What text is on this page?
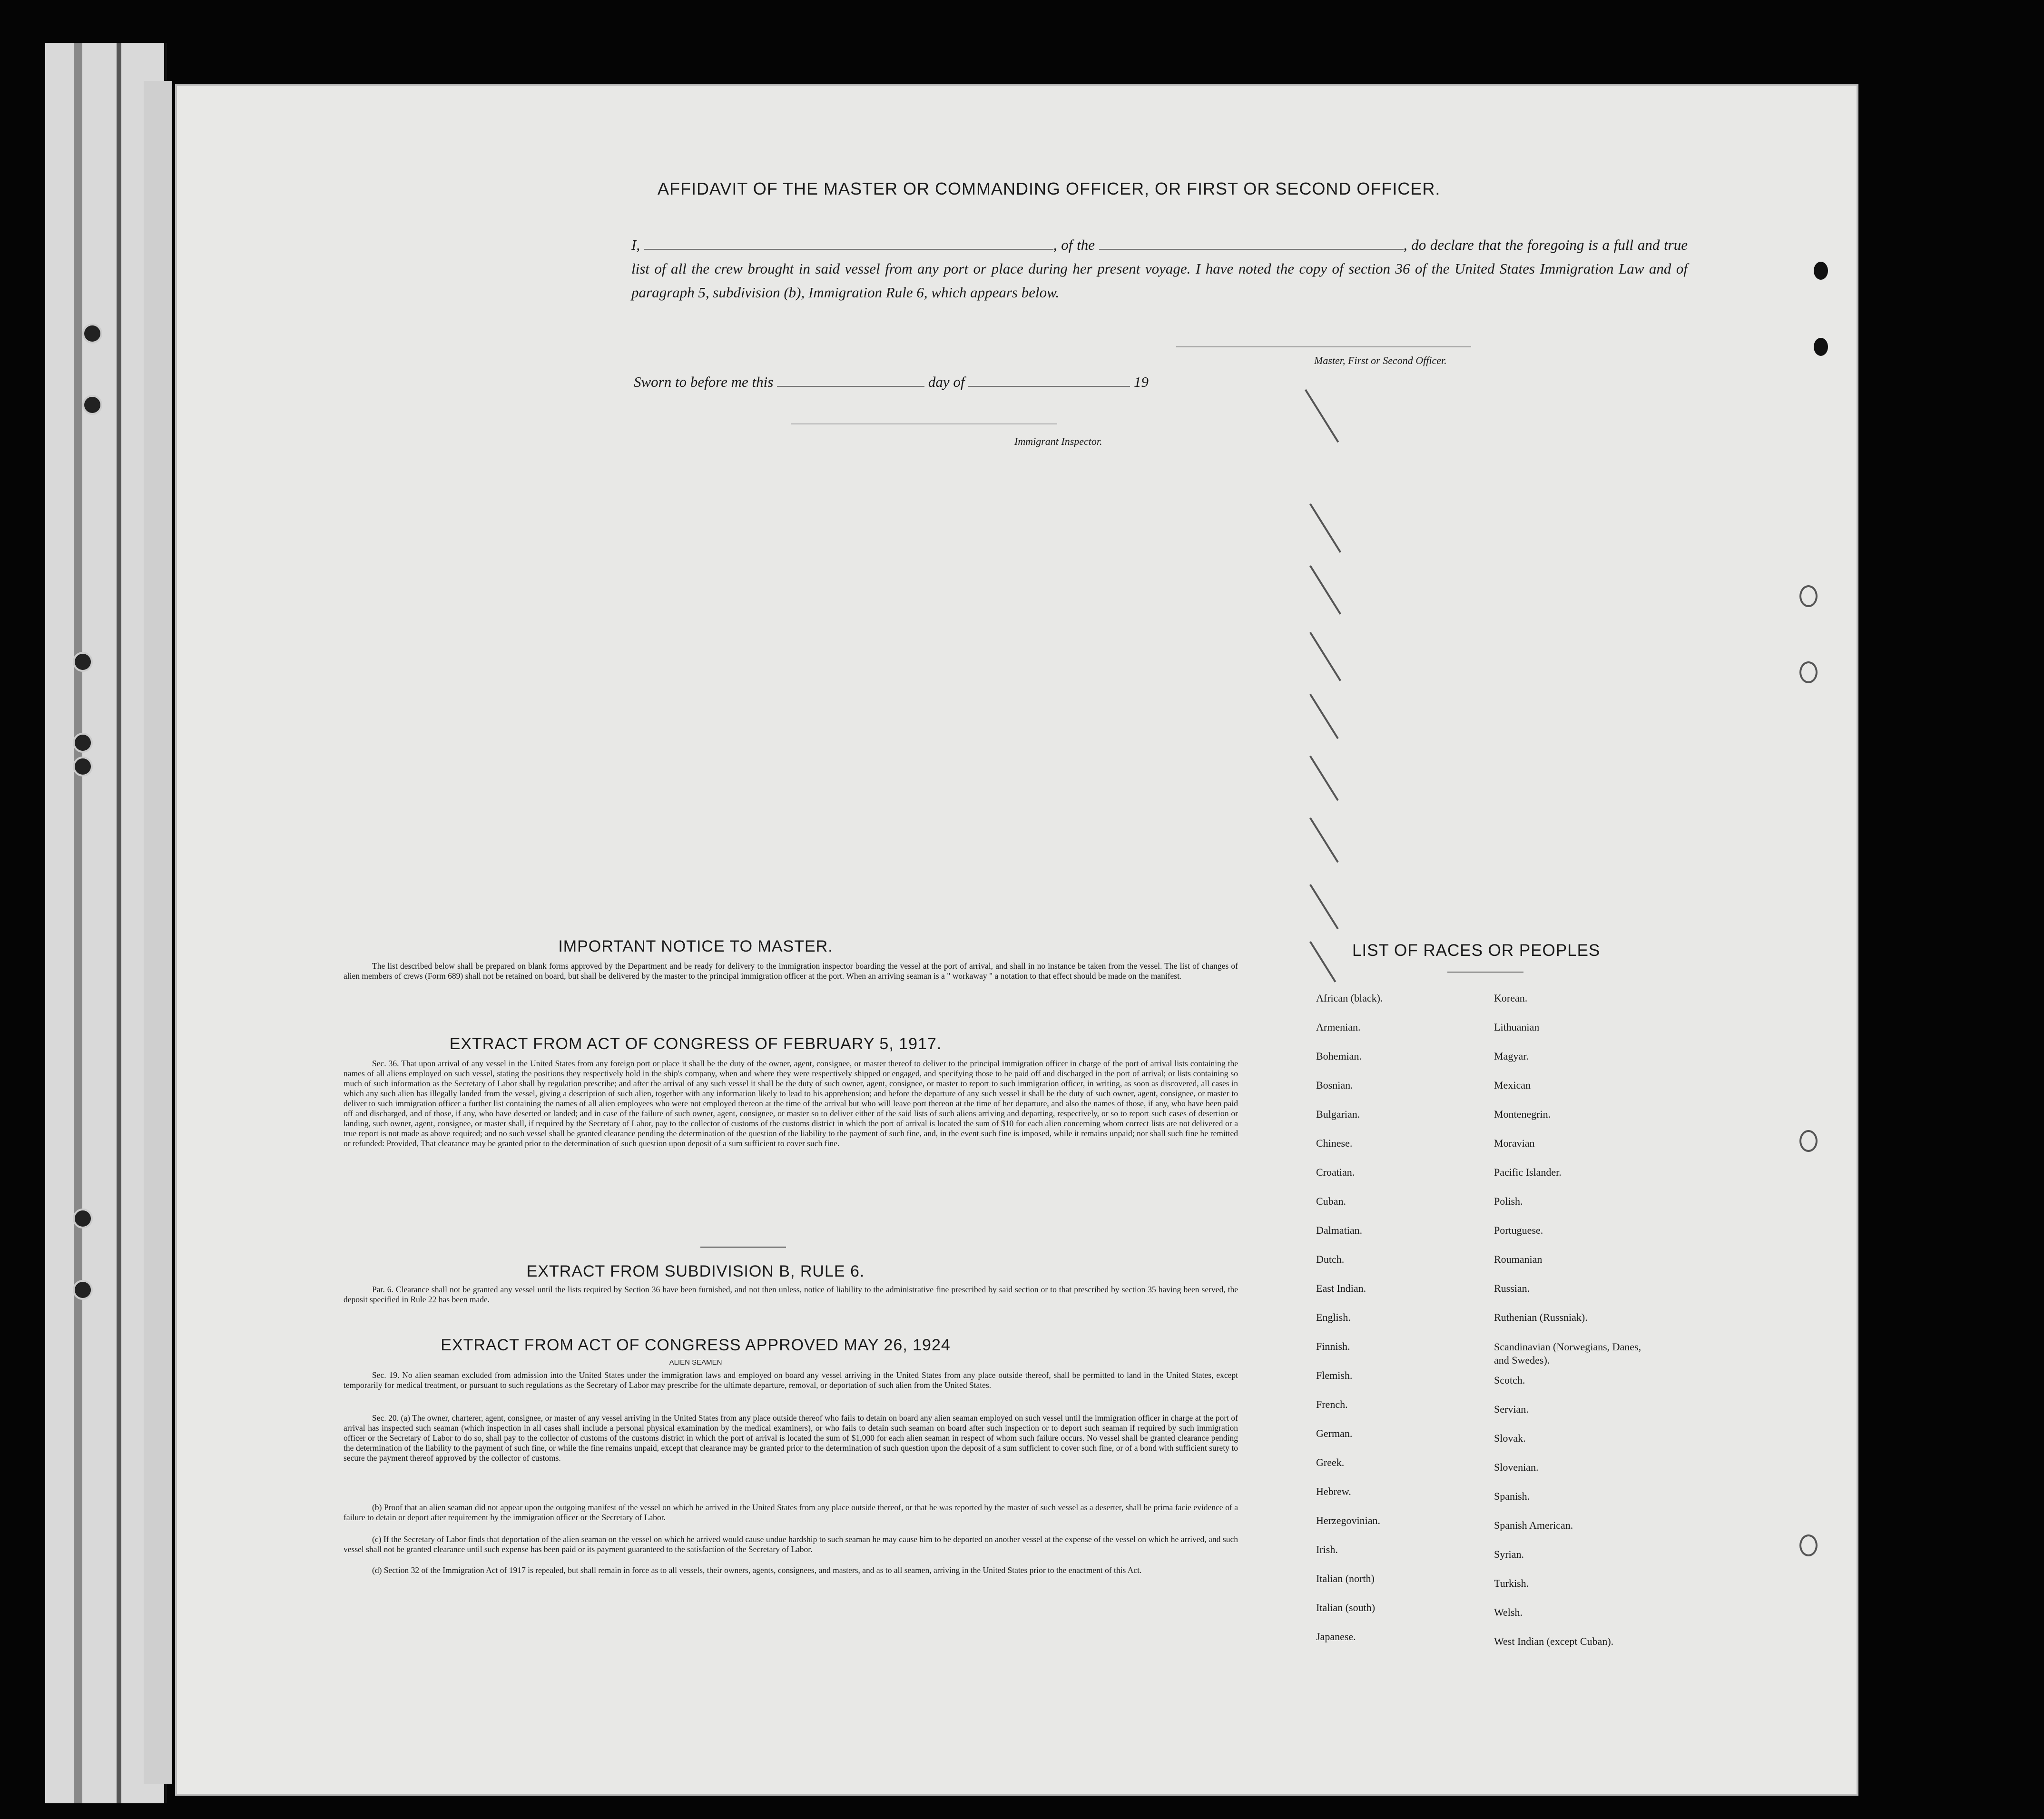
AFFIDAVIT OF THE MASTER OR COMMANDING OFFICER, OR FIRST OR SECOND OFFICER.
I,	, of the	, do declare that the foregoing is a full and true list of all the crew brought in said vessel from any port or place during her present voyage. I have noted the copy of section 36 of the United States Immigration Law and of paragraph 5, subdivision (b), Immigration Rule 6, which appears below.
Master, First or Second Officer.
Sworn to before me this	day of	19
Immigrant Inspector.
IMPORTANT NOTICE TO MASTER.
The list described below shall be prepared on blank forms approved by the Department and be ready for delivery to the immigration inspector boarding the vessel at the port of arrival, and shall in no instance be taken from the vessel. The list of changes of alien members of crews (Form 689) shall not be retained on board, but shall be delivered by the master to the principal immigration officer at the port. When an arriving seaman is a " workaway " a notation to that effect should be made on the manifest.
EXTRACT FROM ACT OF CONGRESS OF FEBRUARY 5, 1917.
Sec. 36. That upon arrival of any vessel in the United States from any foreign port or place it shall be the duty of the owner, agent, consignee, or master thereof to deliver to the principal immigration officer in charge of the port of arrival lists containing the names of all aliens employed on such vessel, stating the positions they respectively hold in the ship's company, when and where they were respectively shipped or engaged, and specifying those to be paid off and discharged in the port of arrival; or lists containing so much of such information as the Secretary of Labor shall by regulation prescribe; and after the arrival of any such vessel it shall be the duty of such owner, agent, consignee, or master to report to such immigration officer, in writing, as soon as discovered, all cases in which any such alien has illegally landed from the vessel, giving a description of such alien, together with any information likely to lead to his apprehension; and before the departure of any such vessel it shall be the duty of such owner, agent, consignee, or master to deliver to such immigration officer a further list containing the names of all alien employees who were not employed thereon at the time of the arrival but who will leave port thereon at the time of her departure, and also the names of those, if any, who have been paid off and discharged, and of those, if any, who have deserted or landed; and in case of the failure of such owner, agent, consignee, or master so to deliver either of the said lists of such aliens arriving and departing, respectively, or so to report such cases of desertion or landing, such owner, agent, consignee, or master shall, if required by the Secretary of Labor, pay to the collector of customs of the customs district in which the port of arrival is located the sum of $10 for each alien concerning whom correct lists are not delivered or a true report is not made as above required; and no such vessel shall be granted clearance pending the determination of the question of the liability to the payment of such fine, and, in the event such fine is imposed, while it remains unpaid; nor shall such fine be remitted or refunded: Provided, That clearance may be granted prior to the determination of such question upon deposit of a sum sufficient to cover such fine.
EXTRACT FROM SUBDIVISION B, RULE 6.
Par. 6. Clearance shall not be granted any vessel until the lists required by Section 36 have been furnished, and not then unless, notice of liability to the administrative fine prescribed by said section or to that prescribed by section 35 having been served, the deposit specified in Rule 22 has been made.
EXTRACT FROM ACT OF CONGRESS APPROVED MAY 26, 1924
ALIEN SEAMEN
Sec. 19. No alien seaman excluded from admission into the United States under the immigration laws and employed on board any vessel arriving in the United States from any place outside thereof, shall be permitted to land in the United States, except temporarily for medical treatment, or pursuant to such regulations as the Secretary of Labor may prescribe for the ultimate departure, removal, or deportation of such alien from the United States.
Sec. 20. (a) The owner, charterer, agent, consignee, or master of any vessel arriving in the United States from any place outside thereof who fails to detain on board any alien seaman employed on such vessel until the immigration officer in charge at the port of arrival has inspected such seaman (which inspection in all cases shall include a personal physical examination by the medical examiners), or who fails to detain such seaman on board after such inspection or to deport such seaman if required by such immigration officer or the Secretary of Labor to do so, shall pay to the collector of customs of the customs district in which the port of arrival is located the sum of $1,000 for each alien seaman in respect of whom such failure occurs. No vessel shall be granted clearance pending the determination of the liability to the payment of such fine, or while the fine remains unpaid, except that clearance may be granted prior to the determination of such question upon the deposit of a sum sufficient to cover such fine, or of a bond with sufficient surety to secure the payment thereof approved by the collector of customs.
(b) Proof that an alien seaman did not appear upon the outgoing manifest of the vessel on which he arrived in the United States from any place outside thereof, or that he was reported by the master of such vessel as a deserter, shall be prima facie evidence of a failure to detain or deport after requirement by the immigration officer or the Secretary of Labor.
(c) If the Secretary of Labor finds that deportation of the alien seaman on the vessel on which he arrived would cause undue hardship to such seaman he may cause him to be deported on another vessel at the expense of the vessel on which he arrived, and such vessel shall not be granted clearance until such expense has been paid or its payment guaranteed to the satisfaction of the Secretary of Labor.
(d) Section 32 of the Immigration Act of 1917 is repealed, but shall remain in force as to all vessels, their owners, agents, consignees, and masters, and as to all seamen, arriving in the United States prior to the enactment of this Act.
LIST OF RACES OR PEOPLES
African (black).
Armenian.
Bohemian.
Bosnian.
Bulgarian.
Chinese.
Croatian.
Cuban.
Dalmatian.
Dutch.
East Indian.
English.
Finnish.
Flemish.
French.
German.
Greek.
Hebrew.
Herzegovinian.
Irish.
Italian (north)
Italian (south)
Japanese.
Korean.
Lithuanian
Magyar.
Mexican
Montenegrin.
Moravian
Pacific Islander.
Polish.
Portuguese.
Roumanian
Russian.
Ruthenian (Russniak).
Scandinavian (Norwegians, Danes, and Swedes).
Scotch.
Servian.
Slovak.
Slovenian.
Spanish.
Spanish American.
Syrian.
Turkish.
Welsh.
West Indian (except Cuban).
